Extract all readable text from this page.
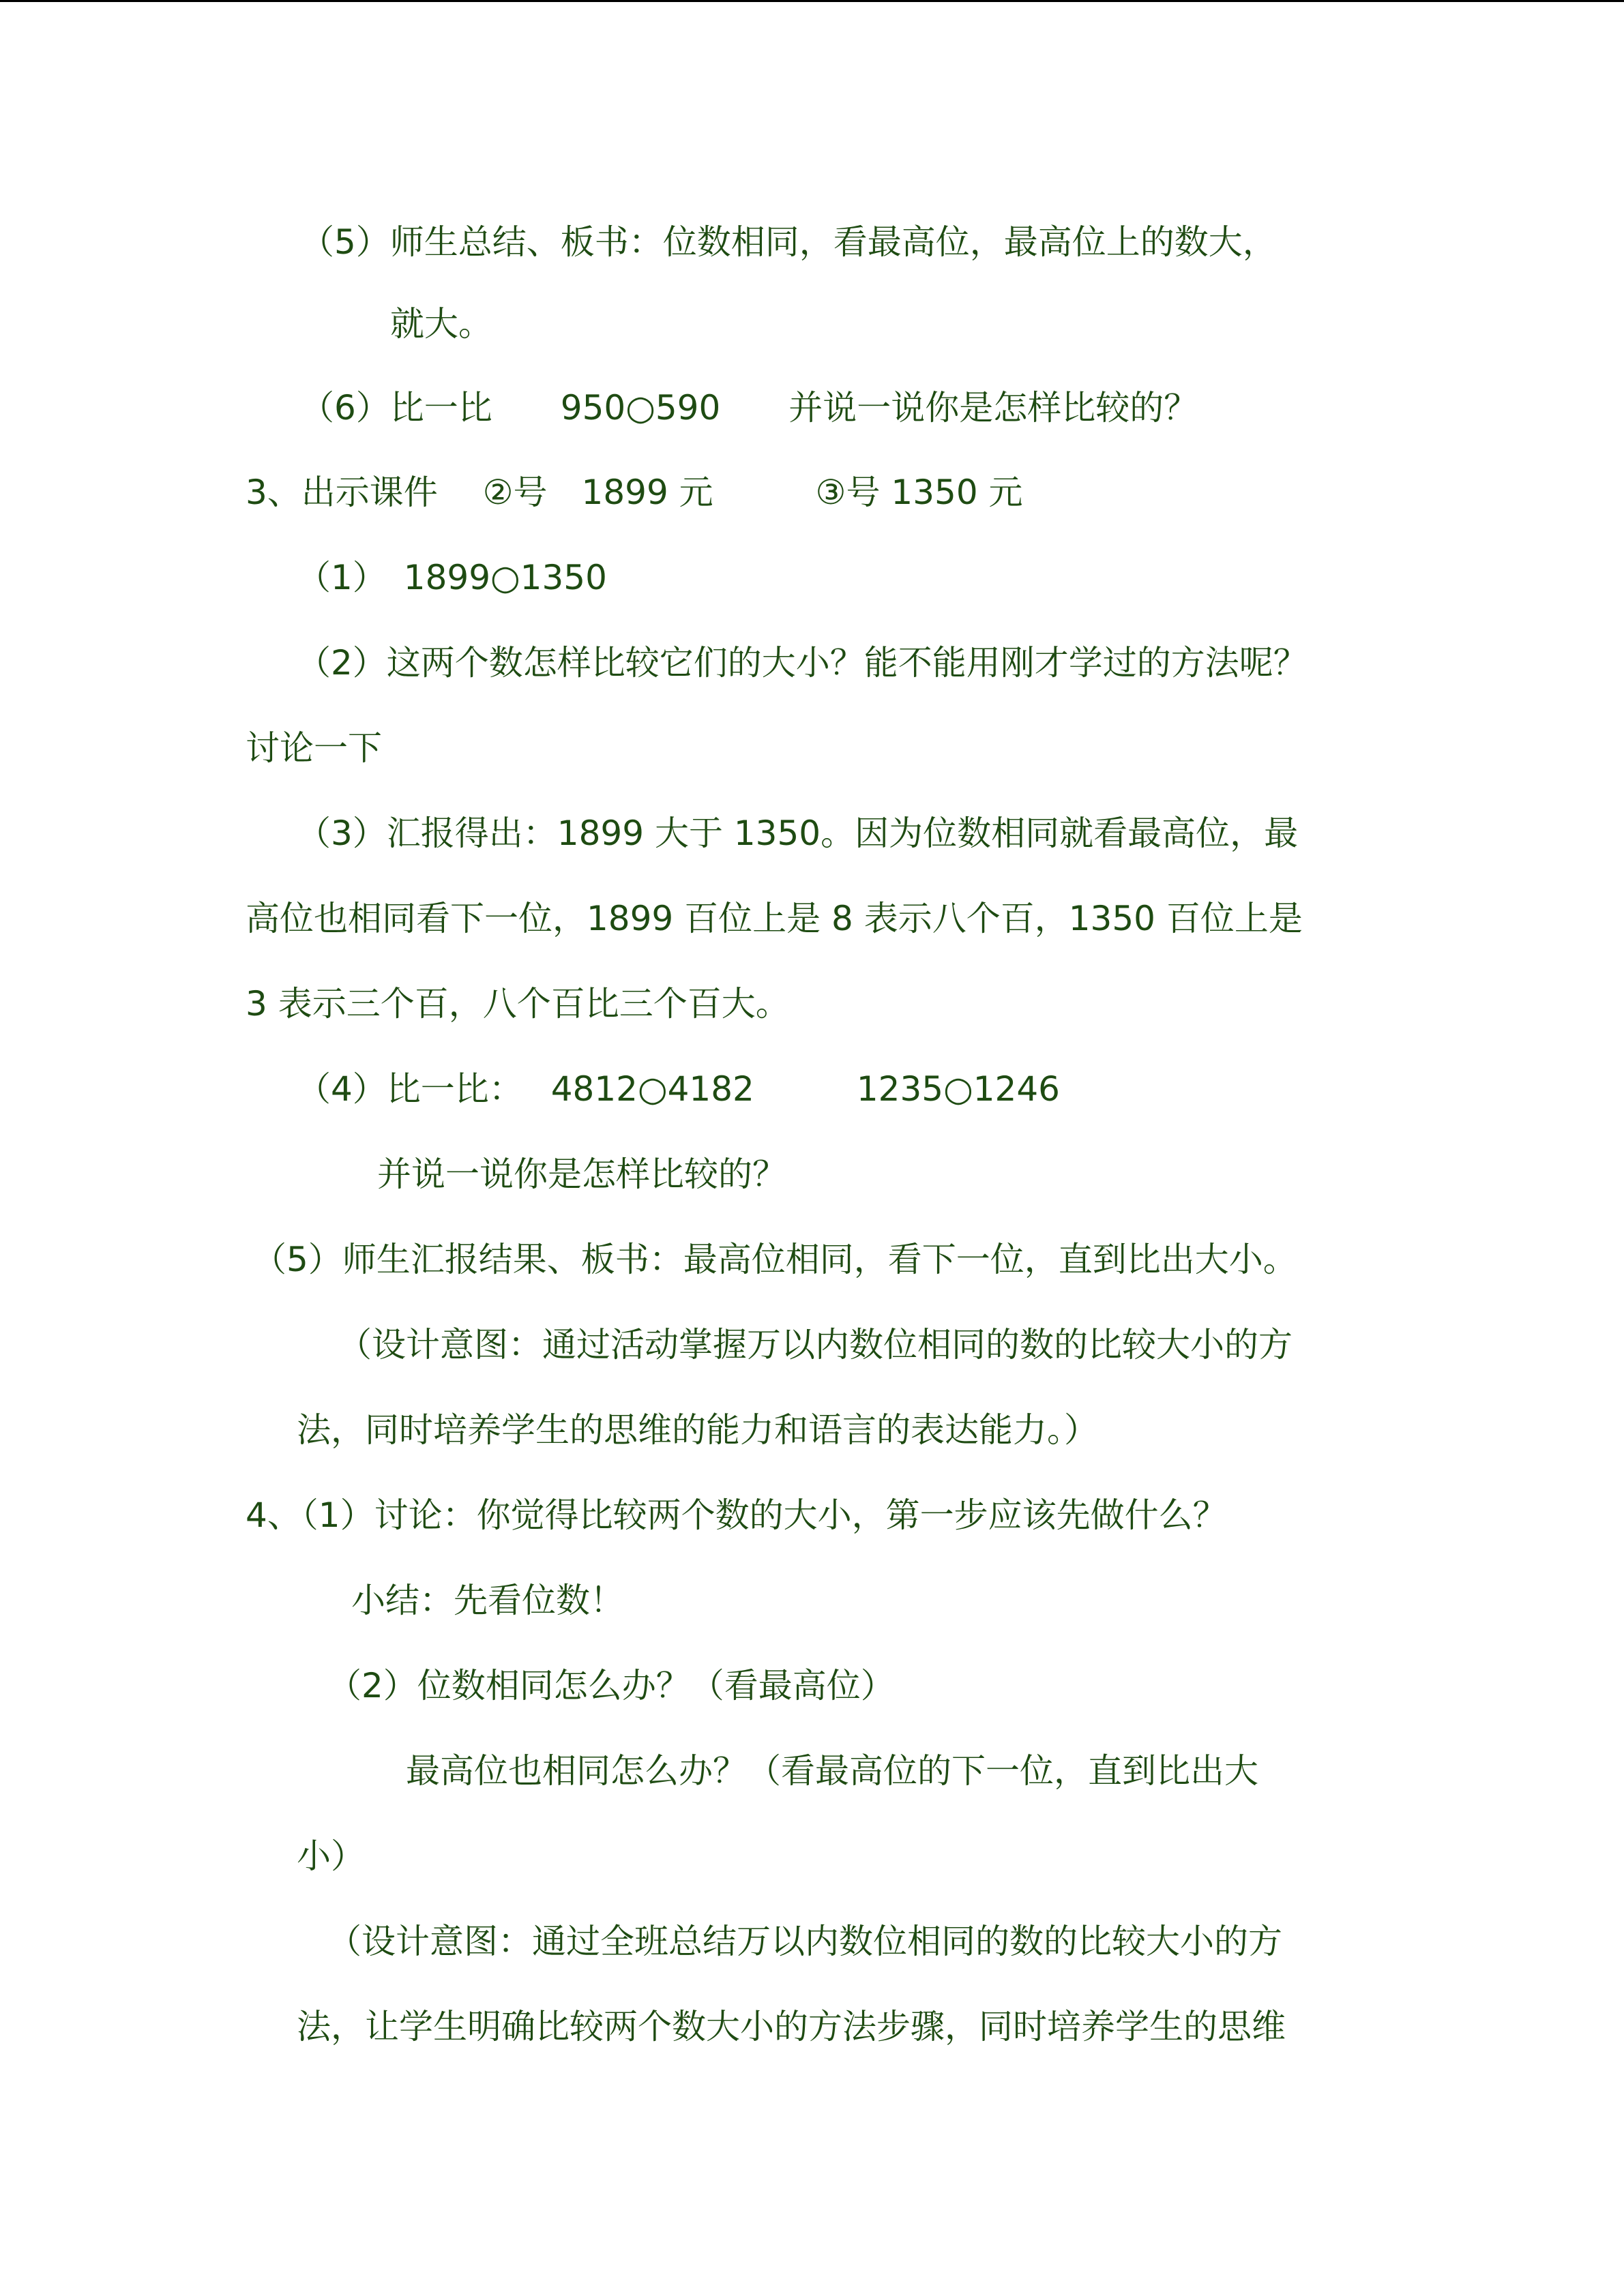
（5）师生总结、板书：位数相同，看最高位，最高位上的数大，
就大。
（6）比一比　　950○590　　并说一说你是怎样比较的？
3、出示课件　 ②号　1899 元　　　③号 1350 元
（1）　1899○1350
（2）这两个数怎样比较它们的大小？能不能用刚才学过的方法呢？
讨论一下
（3）汇报得出：1899 大于 1350。因为位数相同就看最高位，最
高位也相同看下一位，1899 百位上是 8 表示八个百，1350 百位上是
3 表示三个百，八个百比三个百大。
（4）比一比：　 4812○4182　　　1235○1246
并说一说你是怎样比较的？
（5）师生汇报结果、板书：最高位相同，看下一位，直到比出大小。
（设计意图：通过活动掌握万以内数位相同的数的比较大小的方
法，同时培养学生的思维的能力和语言的表达能力。）
4、（1）讨论：你觉得比较两个数的大小，第一步应该先做什么？
小结：先看位数！
（2）位数相同怎么办？（看最高位）
最高位也相同怎么办？（看最高位的下一位，直到比出大
小）
（设计意图：通过全班总结万以内数位相同的数的比较大小的方
法，让学生明确比较两个数大小的方法步骤，同时培养学生的思维
